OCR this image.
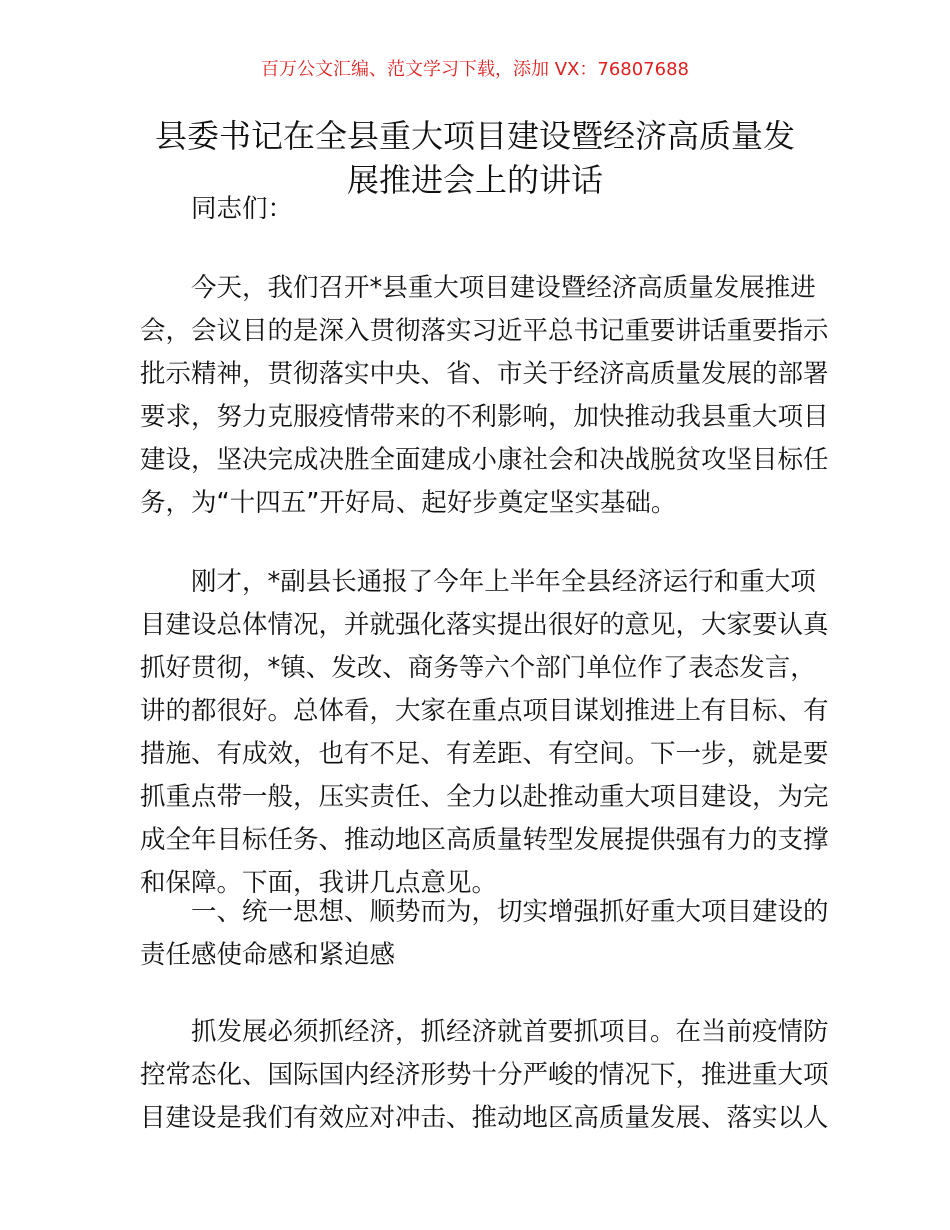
百万公文汇编、范文学习下载，添加 VX：76807688
县委书记在全县重大项目建设暨经济高质量发
展推进会上的讲话
同志们：
今天，我们召开*县重大项目建设暨经济高质量发展推进
会，会议目的是深入贯彻落实习近平总书记重要讲话重要指示
批示精神，贯彻落实中央、省、市关于经济高质量发展的部署
要求，努力克服疫情带来的不利影响，加快推动我县重大项目
建设，坚决完成决胜全面建成小康社会和决战脱贫攻坚目标任
务，为“十四五”开好局、起好步奠定坚实基础。
刚才，*副县长通报了今年上半年全县经济运行和重大项
目建设总体情况，并就强化落实提出很好的意见，大家要认真
抓好贯彻，*镇、发改、商务等六个部门单位作了表态发言，
讲的都很好。总体看，大家在重点项目谋划推进上有目标、有
措施、有成效，也有不足、有差距、有空间。下一步，就是要
抓重点带一般，压实责任、全力以赴推动重大项目建设，为完
成全年目标任务、推动地区高质量转型发展提供强有力的支撑
和保障。下面，我讲几点意见。
一、统一思想、顺势而为，切实增强抓好重大项目建设的
责任感使命感和紧迫感
抓发展必须抓经济，抓经济就首要抓项目。在当前疫情防
控常态化、国际国内经济形势十分严峻的情况下，推进重大项
目建设是我们有效应对冲击、推动地区高质量发展、落实以人
